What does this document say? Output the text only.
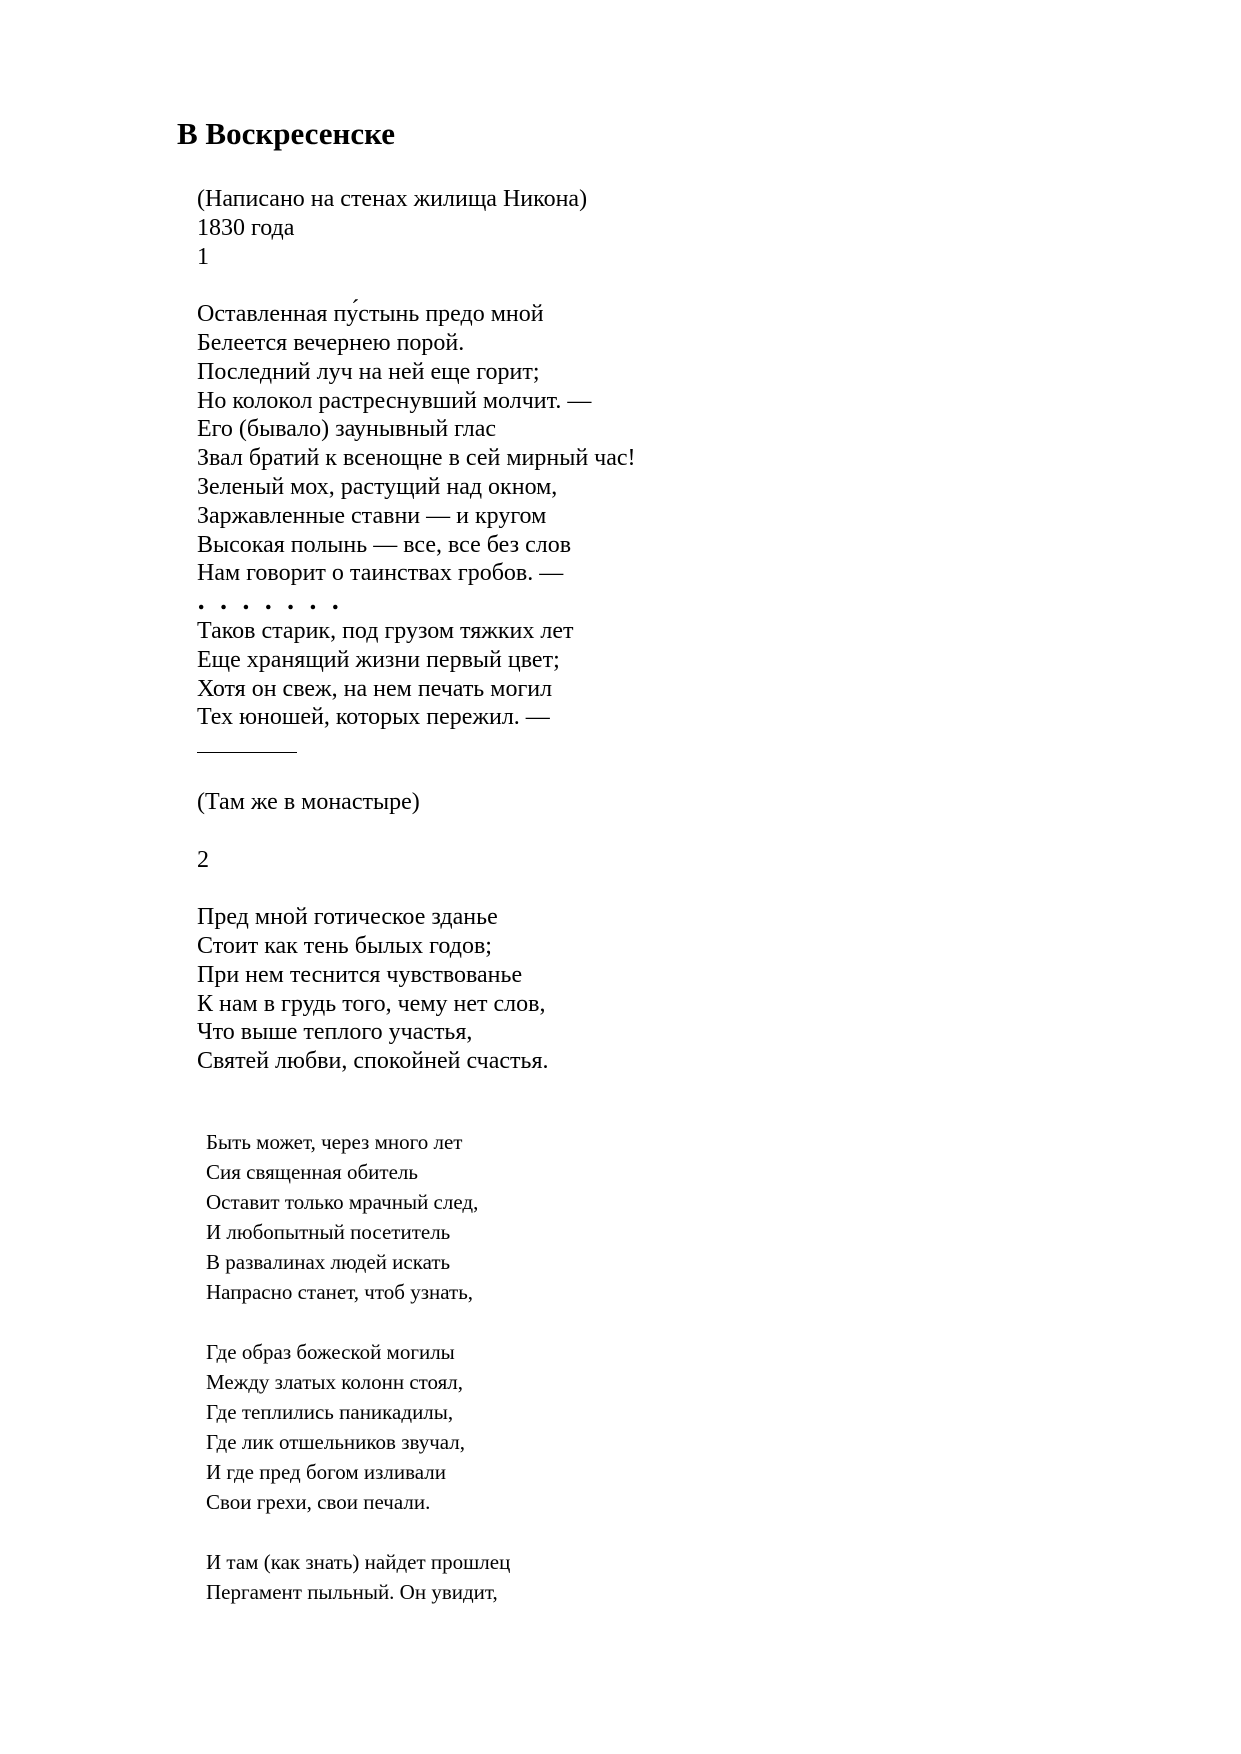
В Воскресенске
(Написано на стенах жилища Никона)
1830 года
1
Оставленная пу́стынь предо мной
Белеется вечернею порой.
Последний луч на ней еще горит;
Но колокол растреснувший молчит. —
Его (бывало) заунывный глас
Звал братий к всенощне в сей мирный час!
Зеленый мох, растущий над окном,
Заржавленные ставни — и кругом
Высокая полынь — все, все без слов
Нам говорит о таинствах гробов. —
․ ․ ․ ․ ․ ․ ․
Таков старик, под грузом тяжких лет
Еще хранящий жизни первый цвет;
Хотя он свеж, на нем печать могил
Тех юношей, которых пережил. —
(Там же в монастыре)
2
Пред мной готическое зданье
Стоит как тень былых годов;
При нем теснится чувствованье
К нам в грудь того, чему нет слов,
Что выше теплого участья,
Святей любви, спокойней счастья.
Быть может, через много лет
Сия священная обитель
Оставит только мрачный след,
И любопытный посетитель
В развалинах людей искать
Напрасно станет, чтоб узнать,
Где образ божеской могилы
Между златых колонн стоял,
Где теплились паникадилы,
Где лик отшельников звучал,
И где пред богом изливали
Свои грехи, свои печали.
И там (как знать) найдет прошлец
Пергамент пыльный. Он увидит,
